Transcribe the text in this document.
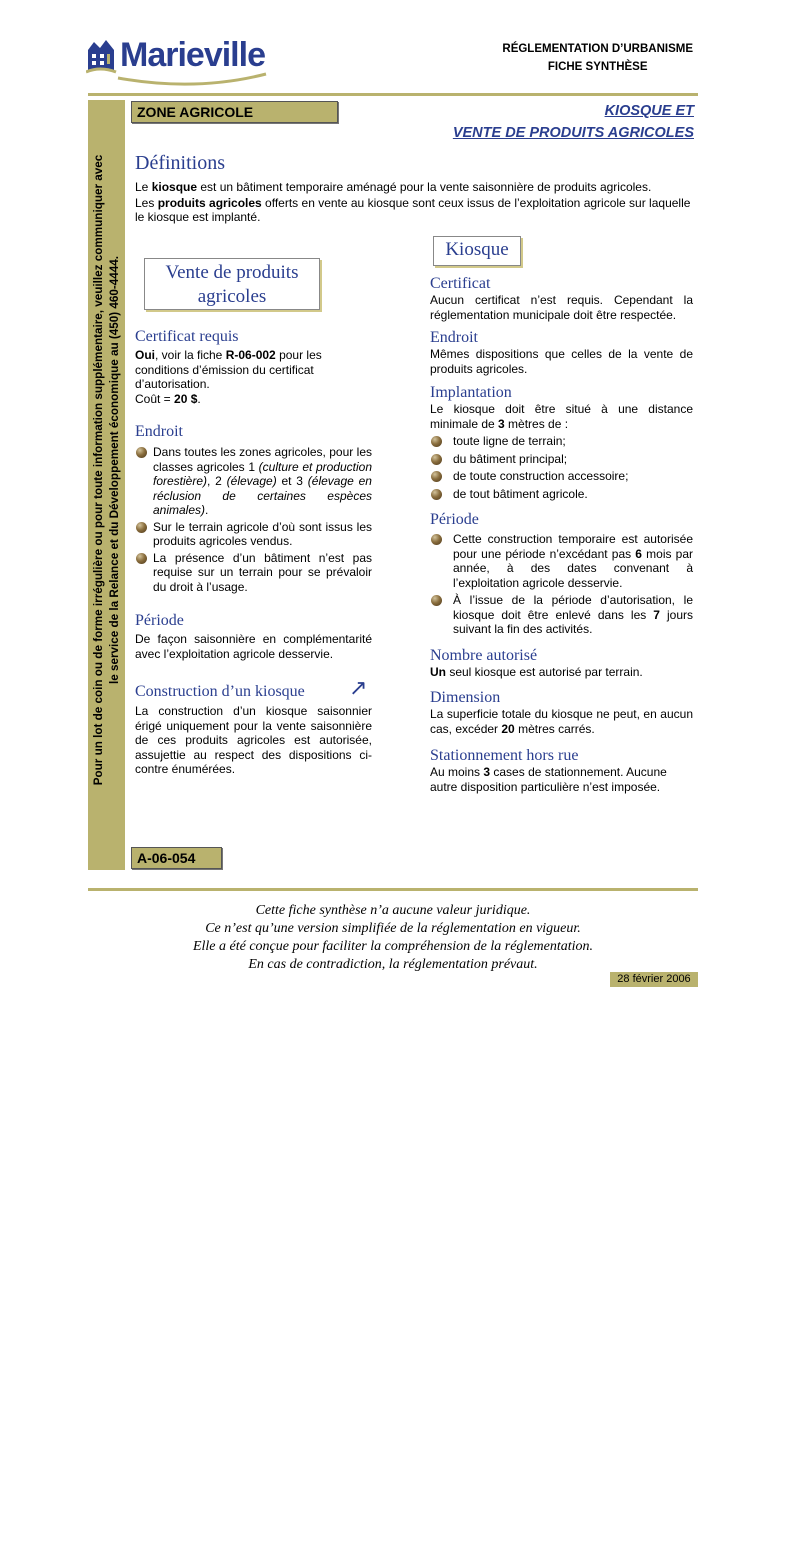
Marieville	RÉGLEMENTATION D’URBANISME
FICHE SYNTHÈSE
Pour un lot de coin ou de forme irrégulière ou pour toute information supplémentaire, veuillez communiquer avec le service de la Relance et du Développement économique au (450) 460-4444.
ZONE AGRICOLE	KIOSQUE ET
VENTE DE PRODUITS AGRICOLES
Définitions
Le kiosque est un bâtiment temporaire aménagé pour la vente saisonnière de produits agricoles.
Les produits agricoles offerts en vente au kiosque sont ceux issus de l’exploitation agricole sur laquelle le kiosque est implanté.
Vente de produits
agricoles
Certificat requis
Oui, voir la fiche R-06-002 pour les conditions d’émission du certificat d’autorisation.
Coût = 20 $.
Endroit
Dans toutes les zones agricoles, pour les classes agricoles 1 (culture et production forestière), 2 (élevage) et 3 (élevage en réclusion de certaines espèces animales).
Sur le terrain agricole d’où sont issus les produits agricoles vendus.
La présence d’un bâtiment n’est pas requise sur un terrain pour se prévaloir du droit à l’usage.
Période
De façon saisonnière en complémentarité avec l’exploitation agricole desservie.
Construction d’un kiosque ↗
La construction d’un kiosque saisonnier érigé uniquement pour la vente saisonnière de ces produits agricoles est autorisée, assujettie au respect des dispositions ci-contre énumérées.
Kiosque
Certificat
Aucun certificat n’est requis. Cependant la réglementation municipale doit être respectée.
Endroit
Mêmes dispositions que celles de la vente de produits agricoles.
Implantation
Le kiosque doit être situé à une distance minimale de 3 mètres de :
toute ligne de terrain;
du bâtiment principal;
de toute construction accessoire;
de tout bâtiment agricole.
Période
Cette construction temporaire est autorisée pour une période n’excédant pas 6 mois par année, à des dates convenant à l’exploitation agricole desservie.
À l’issue de la période d’autorisation, le kiosque doit être enlevé dans les 7 jours suivant la fin des activités.
Nombre autorisé
Un seul kiosque est autorisé par terrain.
Dimension
La superficie totale du kiosque ne peut, en aucun cas, excéder 20 mètres carrés.
Stationnement hors rue
Au moins 3 cases de stationnement. Aucune autre disposition particulière n’est imposée.
A-06-054
Cette fiche synthèse n’a aucune valeur juridique.
Ce n’est qu’une version simplifiée de la réglementation en vigueur.
Elle a été conçue pour faciliter la compréhension de la réglementation.
En cas de contradiction, la réglementation prévaut.
28 février 2006
